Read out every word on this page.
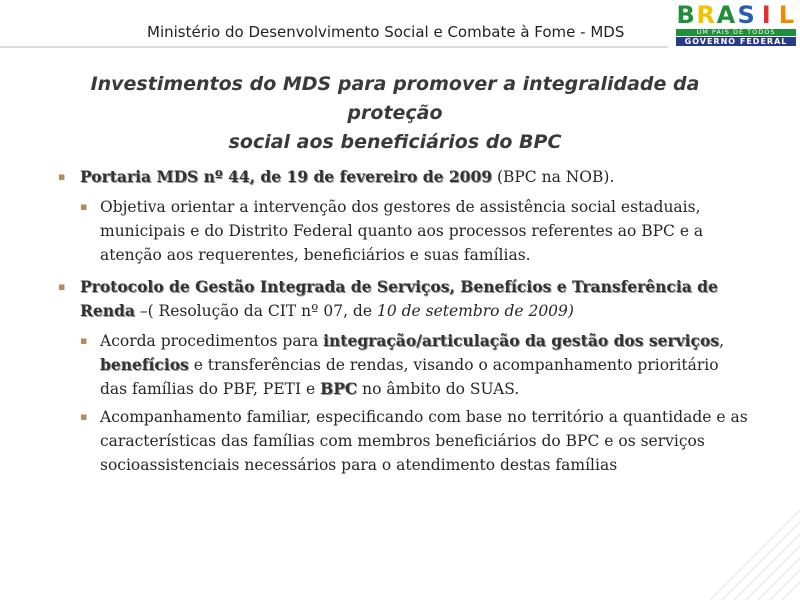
Ministério do Desenvolvimento Social e Combate à Fome - MDS
B R A S I L
UM PAÍS DE TODOS
GOVERNO FEDERAL
Investimentos do MDS para promover a integralidade da proteção
social aos beneficiários do BPC
▪ Portaria MDS nº 44, de 19 de fevereiro de 2009 (BPC na NOB).
▪ Objetiva orientar a intervenção dos gestores de assistência social estaduais, municipais e do Distrito Federal quanto aos processos referentes ao BPC e a atenção aos requerentes, beneficiários e suas famílias.
▪ Protocolo de Gestão Integrada de Serviços, Benefícios e Transferência de Renda –( Resolução da CIT nº 07, de 10 de setembro de 2009)
▪ Acorda procedimentos para integração/articulação da gestão dos serviços, benefícios e transferências de rendas, visando o acompanhamento prioritário das famílias do PBF, PETI e BPC no âmbito do SUAS.
▪ Acompanhamento familiar, especificando com base no território a quantidade e as características das famílias com membros beneficiários do BPC e os serviços socioassistenciais necessários para o atendimento destas famílias
